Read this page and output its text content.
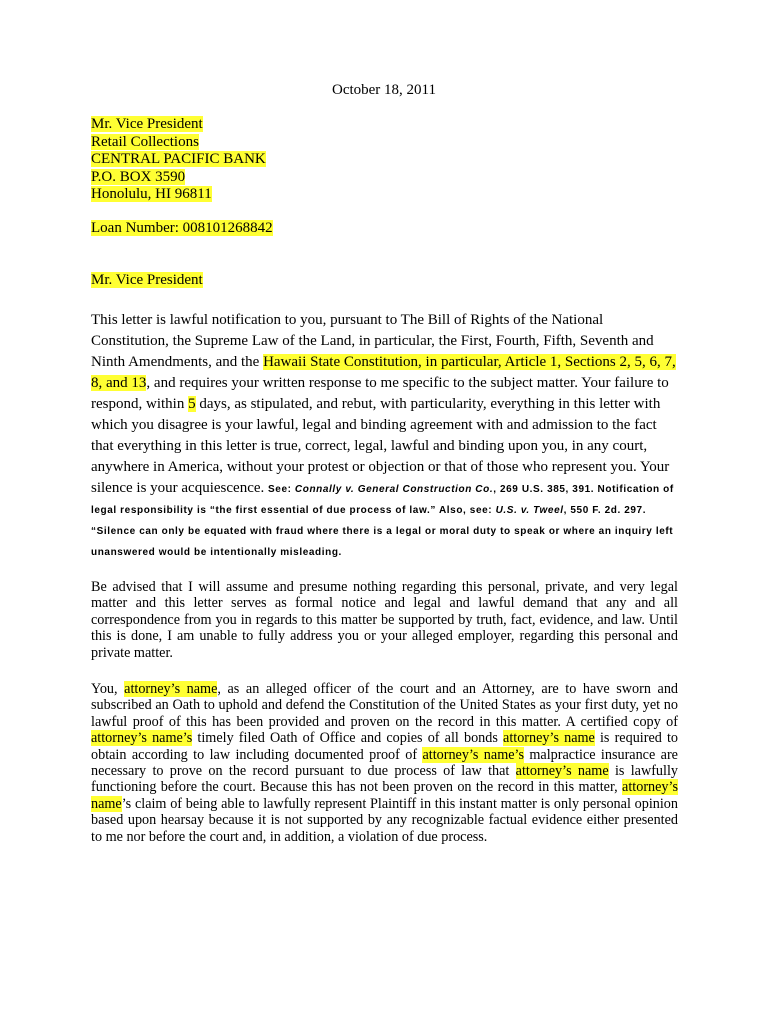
October 18, 2011
Mr. Vice President
Retail Collections
CENTRAL PACIFIC BANK
P.O. BOX 3590
Honolulu, HI 96811
Loan Number: 008101268842
Mr. Vice President
This letter is lawful notification to you, pursuant to The Bill of Rights of the National Constitution, the Supreme Law of the Land, in particular, the First, Fourth, Fifth, Seventh and Ninth Amendments, and the Hawaii State Constitution, in particular, Article 1, Sections 2, 5, 6, 7, 8, and 13, and requires your written response to me specific to the subject matter. Your failure to respond, within 5 days, as stipulated, and rebut, with particularity, everything in this letter with which you disagree is your lawful, legal and binding agreement with and admission to the fact that everything in this letter is true, correct, legal, lawful and binding upon you, in any court, anywhere in America, without your protest or objection or that of those who represent you. Your silence is your acquiescence. See: Connally v. General Construction Co., 269 U.S. 385, 391. Notification of legal responsibility is “the first essential of due process of law.” Also, see: U.S. v. Tweel, 550 F. 2d. 297. “Silence can only be equated with fraud where there is a legal or moral duty to speak or where an inquiry left unanswered would be intentionally misleading.
Be advised that I will assume and presume nothing regarding this personal, private, and very legal matter and this letter serves as formal notice and legal and lawful demand that any and all correspondence from you in regards to this matter be supported by truth, fact, evidence, and law. Until this is done, I am unable to fully address you or your alleged employer, regarding this personal and private matter.
You, attorney’s name, as an alleged officer of the court and an Attorney, are to have sworn and subscribed an Oath to uphold and defend the Constitution of the United States as your first duty, yet no lawful proof of this has been provided and proven on the record in this matter. A certified copy of attorney’s name’s timely filed Oath of Office and copies of all bonds attorney’s name is required to obtain according to law including documented proof of attorney’s name’s malpractice insurance are necessary to prove on the record pursuant to due process of law that attorney’s name is lawfully functioning before the court. Because this has not been proven on the record in this matter, attorney’s name’s claim of being able to lawfully represent Plaintiff in this instant matter is only personal opinion based upon hearsay because it is not supported by any recognizable factual evidence either presented to me nor before the court and, in addition, a violation of due process.
